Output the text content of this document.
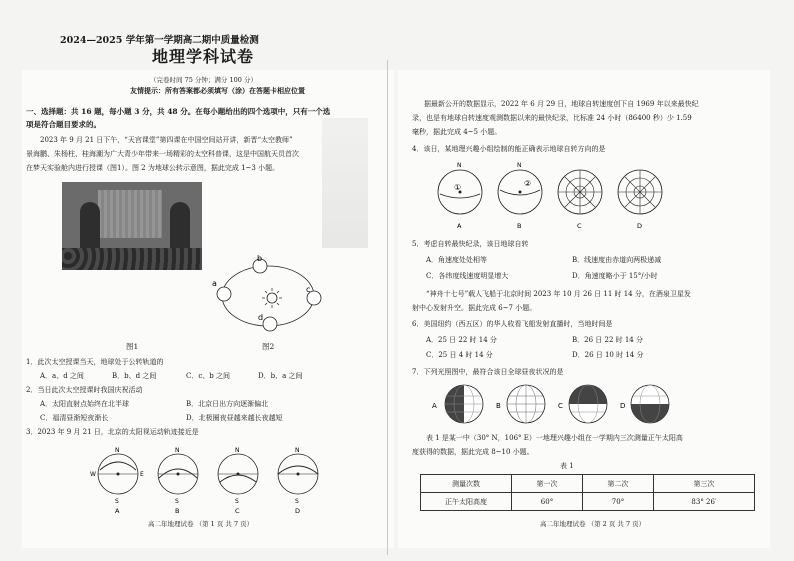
2024—2025 学年第一学期高二期中质量检测
地理学科试卷
（完卷时间 75 分钟；满分 100 分）
友情提示：所有答案都必须填写（涂）在答题卡相应位置
一、选择题：共 16 题，每小题 3 分，共 48 分。在每小题给出的四个选项中，只有一个选
项是符合题目要求的。
2023 年 9 月 21 日下午，“天宫课堂”第四课在中国空间站开讲，新晋“太空教师”
景海鹏、朱杨柱、桂海潮为广大青少年带来一场精彩的太空科普课，这是中国航天员首次
在梦天实验舱内进行授课（图1）。图 2 为地球公转示意图，据此完成 1~3 小题。
a
b
c
d
图1	图2
1．此次太空授课当天，地球处于公转轨道的
A．a、d 之间	B．b、d 之间	C．c、b 之间	D．b、a 之间
2．当日此次太空授课时我国庆祝活动
A．太阳直射点始终在北半球	B．北京日出方向逐渐偏北
C．福清昼渐短夜渐长	D．北极圈夜昼越来越长夜越短
3．2023 年 9 月 21 日，北京的太阳视运动轨迹接近是
N
S
W	E
N
S
N
S
N
S
A	B	C	D
高二年地理试卷 （第 1 页 共 7 页）
据最新公开的数据显示，2022 年 6 月 29 日，地球自转速度创下自 1969 年以来最快纪
录，也是有地球自转速度观测数据以来的最快纪录，比标准 24 小时（86400 秒）少 1.59
毫秒，据此完成 4~5 小题。
4．该日，某地理兴趣小组绘制的能正确表示地球自转方向的是
N	N
①	②
A	B	C	D
5．考虑自转最快纪录，该日地球自转
A．角速度处处相等	B．线速度由赤道向两极递减
C．各纬度线速度明显增大	D．角速度略小于 15°/小时
“神舟十七号”载人飞船于北京时间 2023 年 10 月 26 日 11 时 14 分，在酒泉卫星发
射中心发射升空。据此完成 6~7 小题。
6．美国纽约（西五区）的华人收看飞船发射直播时，当地时间是
A．25 日 22 时 14 分	B．26 日 22 时 14 分
C．25 日 4 时 14 分	D．26 日 10 时 14 分
7．下列光照图中，最符合该日全球昼夜状况的是
A	B	C	D
表 1 是某一中（30° N，106° E）一地理兴趣小组在一学期内三次测量正午太阳高
度获得的数据，据此完成 8~10 小题。
表 1
测量次数	第一次	第二次	第三次
正午太阳高度	60°	70°	83° 26′
高二年地理试卷 （第 2 页 共 7 页）
